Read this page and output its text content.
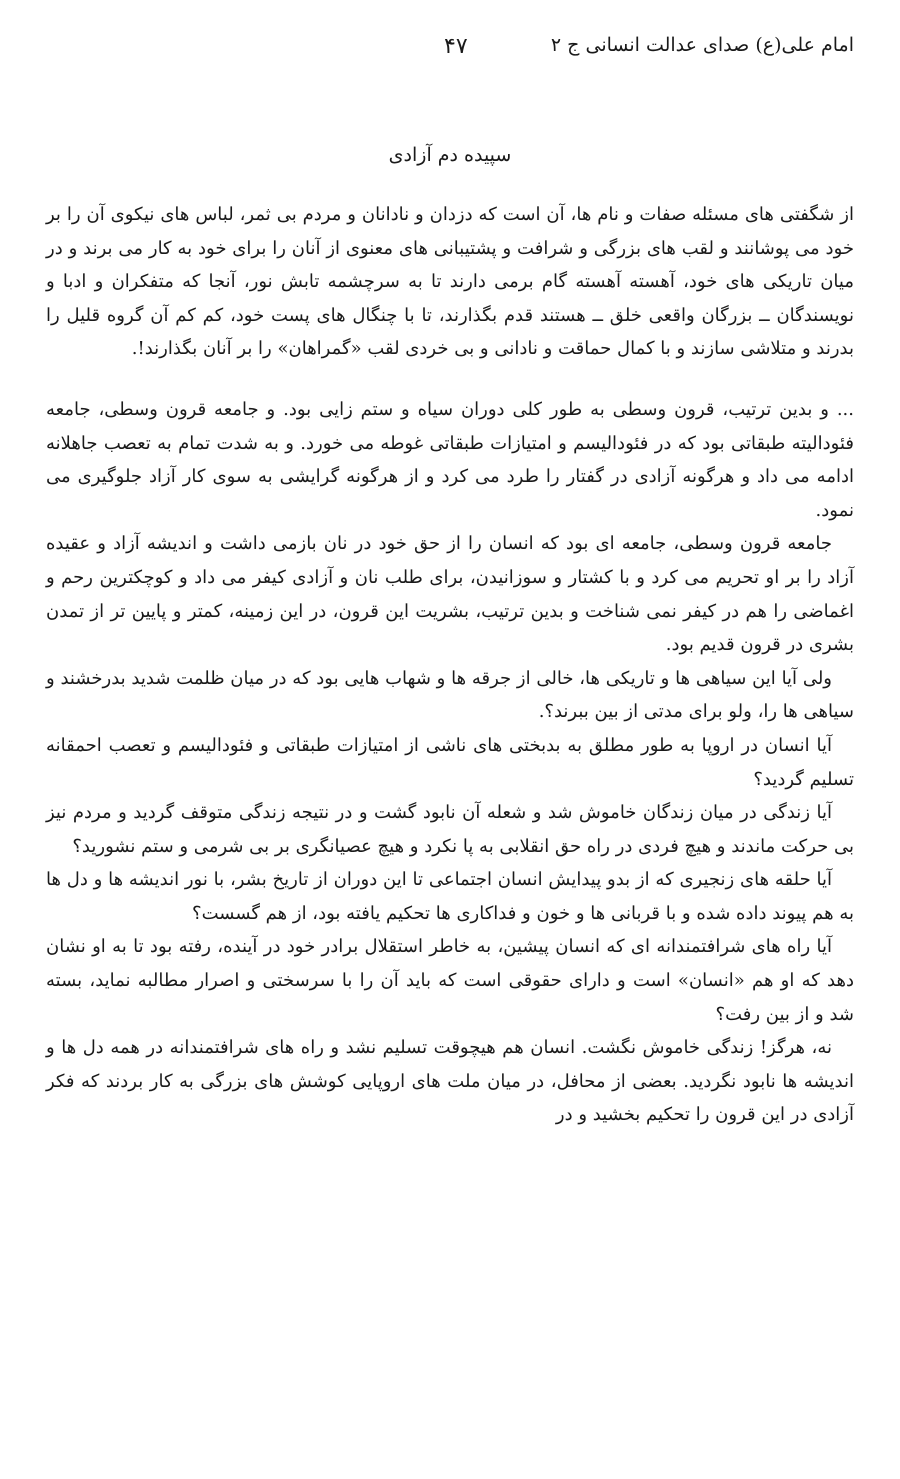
امام علی(ع) صدای عدالت انسانی ج ۲
۴۷
سپیده دم آزادی

از شگفتی های مسئله صفات و نام ها، آن است که دزدان و نادانان و مردم بی ثمر، لباس های نیکوی آن را بر خود می پوشانند و لقب های بزرگی و شرافت و پشتیبانی های معنوی از آنان را برای خود به کار می برند و در میان تاریکی های خود، آهسته آهسته گام برمی دارند تا به سرچشمه تابش نور، آنجا که متفکران و ادبا و نویسندگان ــ بزرگان واقعی خلق ــ هستند قدم بگذارند، تا با چنگال های پست خود، کم کم آن گروه قلیل را بدرند و متلاشی سازند و با کمال حماقت و نادانی و بی خردی لقب «گمراهان» را بر آنان بگذارند!.

... و بدین ترتیب، قرون وسطی به طور کلی دوران سیاه و ستم زایی بود. و جامعه قرون وسطی، جامعه فئودالیته طبقاتی بود که در فئودالیسم و امتیازات طبقاتی غوطه می خورد. و به شدت تمام به تعصب جاهلانه ادامه می داد و هرگونه آزادی در گفتار را طرد می کرد و از هرگونه گرایشی به سوی کار آزاد جلوگیری می نمود.

جامعه قرون وسطی، جامعه ای بود که انسان را از حق خود در نان بازمی داشت و اندیشه آزاد و عقیده آزاد را بر او تحریم می کرد و با کشتار و سوزانیدن، برای طلب نان و آزادی کیفر می داد و کوچکترین رحم و اغماضی را هم در کیفر نمی شناخت و بدین ترتیب، بشریت این قرون، در این زمینه، کمتر و پایین تر از تمدن بشری در قرون قدیم بود.

ولی آیا این سیاهی ها و تاریکی ها، خالی از جرقه ها و شهاب هایی بود که در میان ظلمت شدید بدرخشند و سیاهی ها را، ولو برای مدتی از بین ببرند؟.

آیا انسان در اروپا به طور مطلق به بدبختی های ناشی از امتیازات طبقاتی و فئودالیسم و تعصب احمقانه تسلیم گردید؟

آیا زندگی در میان زندگان خاموش شد و شعله آن نابود گشت و در نتیجه زندگی متوقف گردید و مردم نیز بی حرکت ماندند و هیچ فردی در راه حق انقلابی به پا نکرد و هیچ عصیانگری بر بی شرمی و ستم نشورید؟

آیا حلقه های زنجیری که از بدو پیدایش انسان اجتماعی تا این دوران از تاریخ بشر، با نور اندیشه ها و دل ها به هم پیوند داده شده و با قربانی ها و خون و فداکاری ها تحکیم یافته بود، از هم گسست؟

آیا راه های شرافتمندانه ای که انسان پیشین، به خاطر استقلال برادر خود در آینده، رفته بود تا به او نشان دهد که او هم «انسان» است و دارای حقوقی است که باید آن را با سرسختی و اصرار مطالبه نماید، بسته شد و از بین رفت؟

نه، هرگز! زندگی خاموش نگشت. انسان هم هیچوقت تسلیم نشد و راه های شرافتمندانه در همه دل ها و اندیشه ها نابود نگردید. بعضی از محافل، در میان ملت های اروپایی کوشش های بزرگی به کار بردند که فکر آزادی در این قرون را تحکیم بخشید و در
